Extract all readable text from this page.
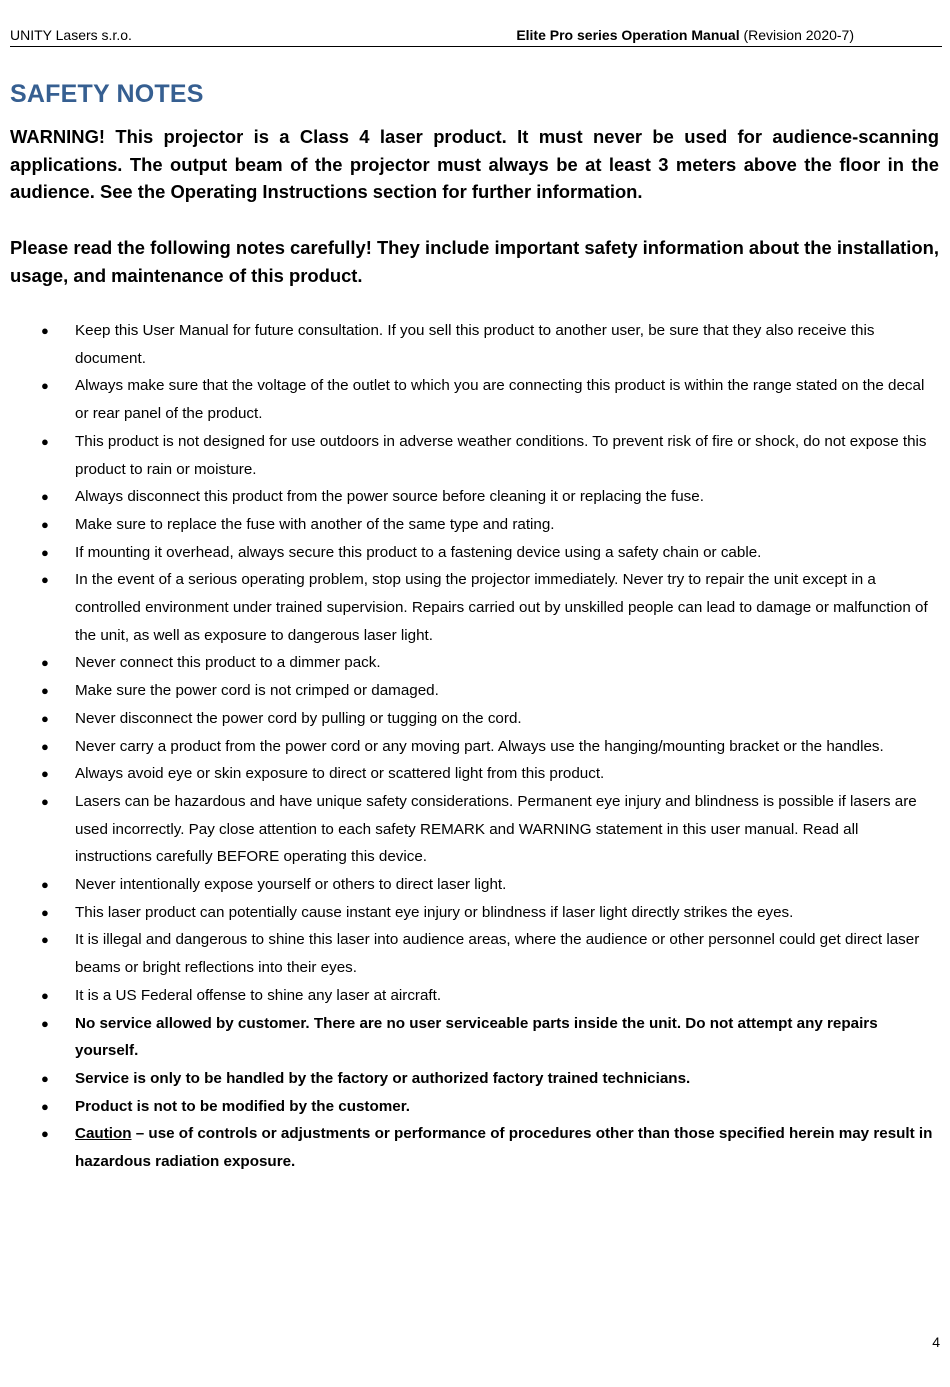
UNITY Lasers s.r.o.	Elite Pro series Operation Manual (Revision 2020-7)
SAFETY NOTES

WARNING! This projector is a Class 4 laser product. It must never be used for audience-scanning applications. The output beam of the projector must always be at least 3 meters above the floor in the audience. See the Operating Instructions section for further information.

Please read the following notes carefully! They include important safety information about the installation, usage, and maintenance of this product.

● Keep this User Manual for future consultation. If you sell this product to another user, be sure that they also receive this document.
● Always make sure that the voltage of the outlet to which you are connecting this product is within the range stated on the decal or rear panel of the product.
● This product is not designed for use outdoors in adverse weather conditions. To prevent risk of fire or shock, do not expose this product to rain or moisture.
● Always disconnect this product from the power source before cleaning it or replacing the fuse.
● Make sure to replace the fuse with another of the same type and rating.
● If mounting it overhead, always secure this product to a fastening device using a safety chain or cable.
● In the event of a serious operating problem, stop using the projector immediately. Never try to repair the unit except in a controlled environment under trained supervision. Repairs carried out by unskilled people can lead to damage or malfunction of the unit, as well as exposure to dangerous laser light.
● Never connect this product to a dimmer pack.
● Make sure the power cord is not crimped or damaged.
● Never disconnect the power cord by pulling or tugging on the cord.
● Never carry a product from the power cord or any moving part. Always use the hanging/mounting bracket or the handles.
● Always avoid eye or skin exposure to direct or scattered light from this product.
● Lasers can be hazardous and have unique safety considerations. Permanent eye injury and blindness is possible if lasers are used incorrectly. Pay close attention to each safety REMARK and WARNING statement in this user manual. Read all instructions carefully BEFORE operating this device.
● Never intentionally expose yourself or others to direct laser light.
● This laser product can potentially cause instant eye injury or blindness if laser light directly strikes the eyes.
● It is illegal and dangerous to shine this laser into audience areas, where the audience or other personnel could get direct laser beams or bright reflections into their eyes.
● It is a US Federal offense to shine any laser at aircraft.
● No service allowed by customer. There are no user serviceable parts inside the unit. Do not attempt any repairs yourself.
● Service is only to be handled by the factory or authorized factory trained technicians.
● Product is not to be modified by the customer.
● Caution – use of controls or adjustments or performance of procedures other than those specified herein may result in hazardous radiation exposure.
4
